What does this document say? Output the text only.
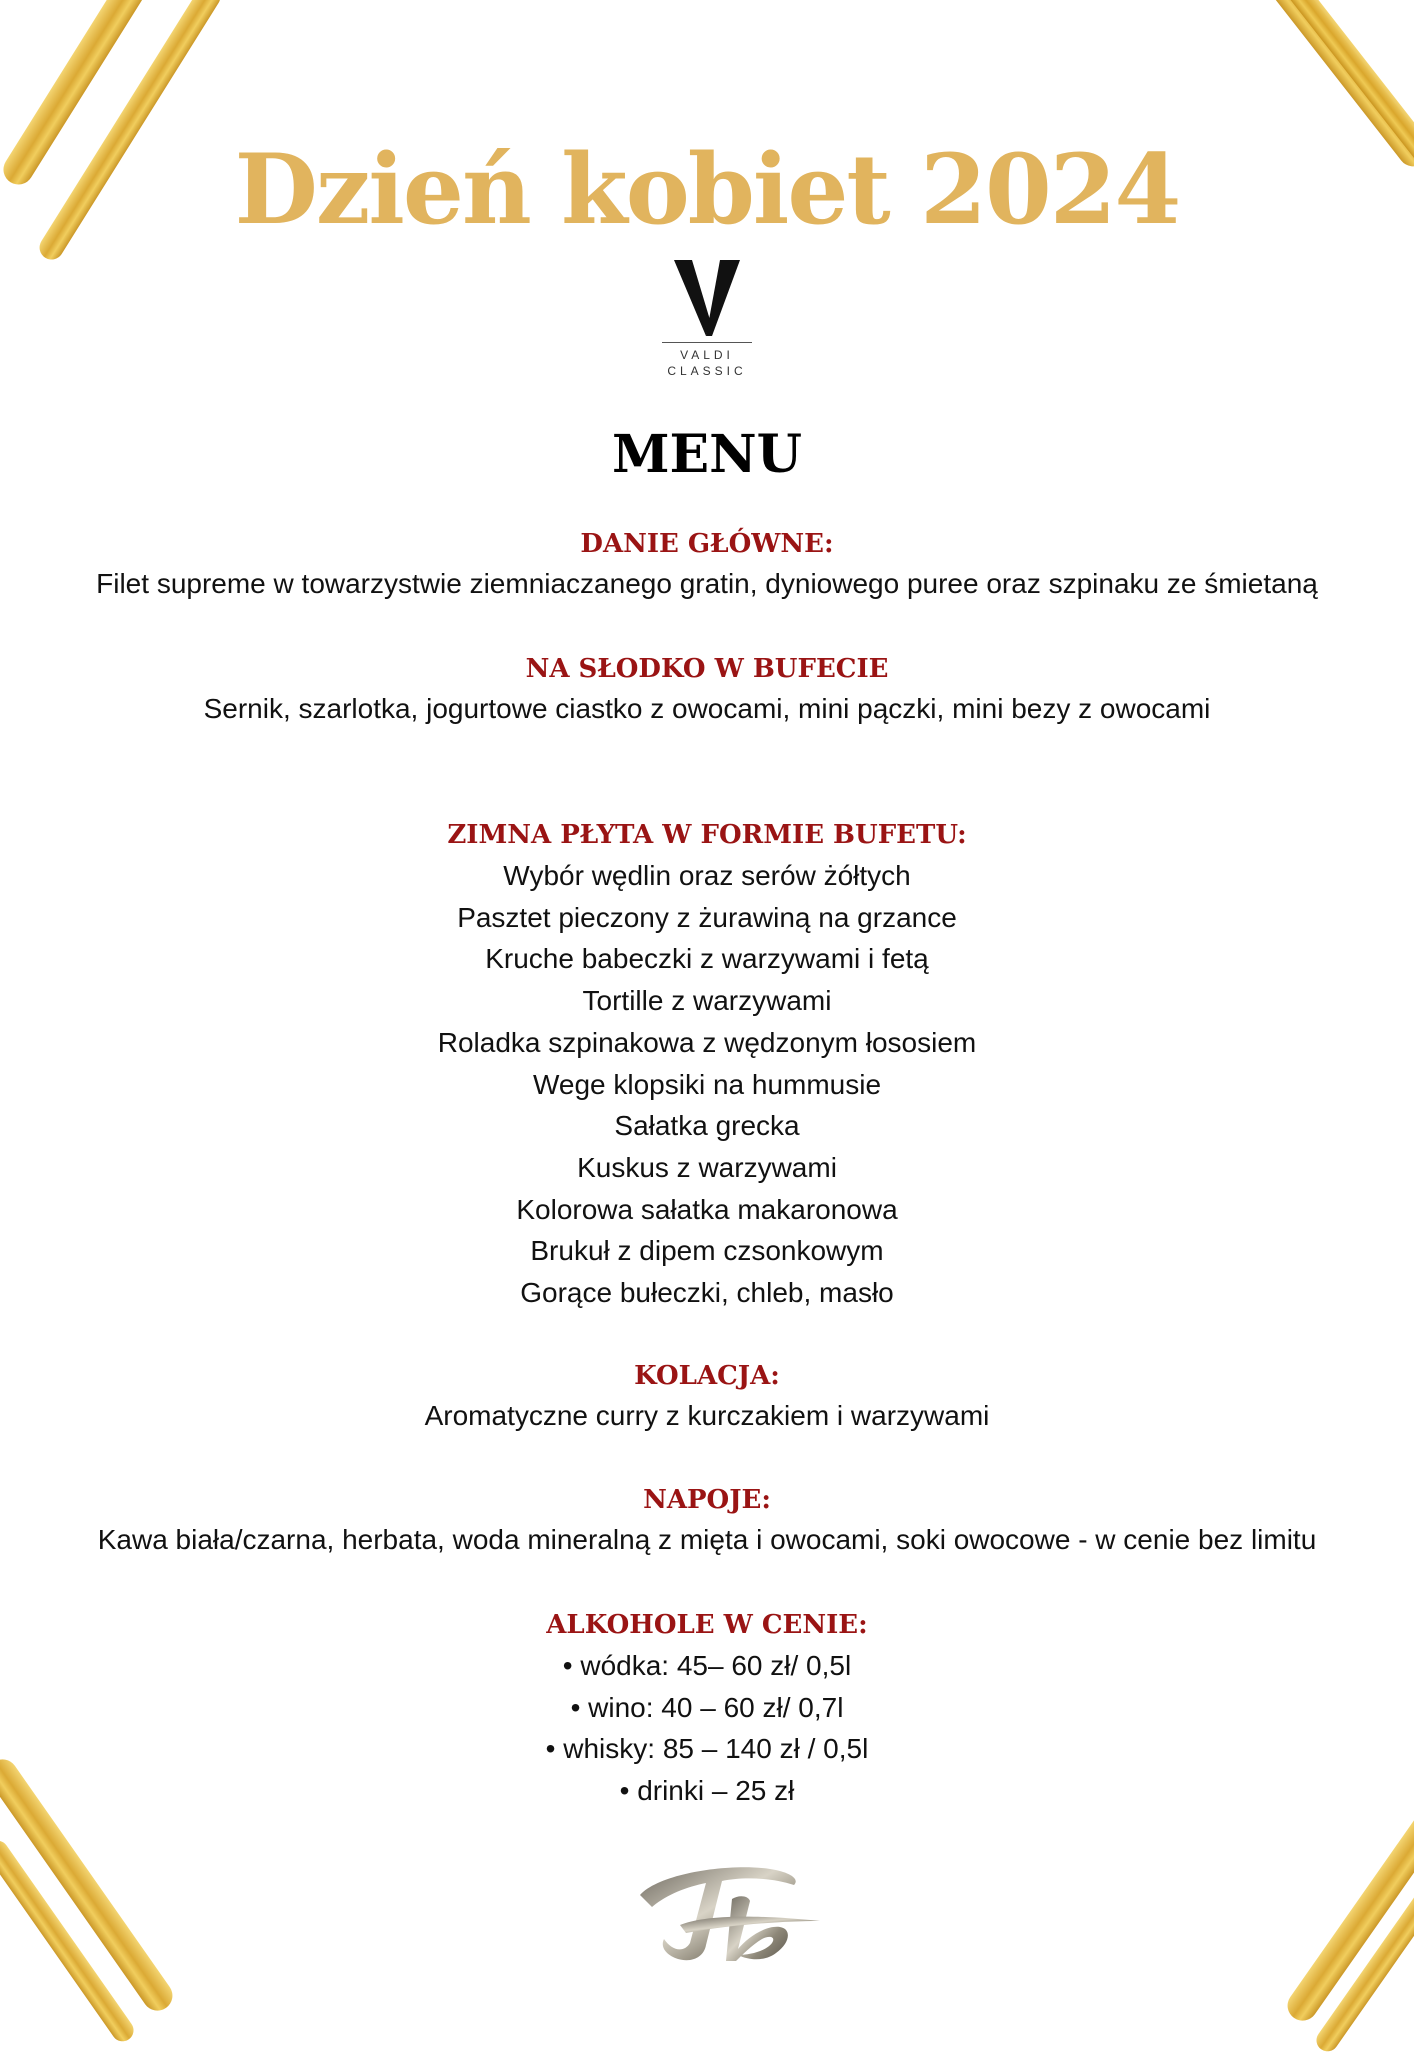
Dzień kobiet 2024
VALDI
CLASSIC
MENU
DANIE GŁÓWNE:
Filet supreme w towarzystwie ziemniaczanego gratin, dyniowego puree oraz szpinaku ze śmietaną
NA SŁODKO W BUFECIE
Sernik, szarlotka, jogurtowe ciastko z owocami, mini pączki, mini bezy z owocami
ZIMNA PŁYTA W FORMIE BUFETU:
Wybór wędlin oraz serów żółtych
Pasztet pieczony z żurawiną na grzance
Kruche babeczki z warzywami i fetą
Tortille z warzywami
Roladka szpinakowa z wędzonym łososiem
Wege klopsiki na hummusie
Sałatka grecka
Kuskus z warzywami
Kolorowa sałatka makaronowa
Brukuł z dipem czsonkowym
Gorące bułeczki, chleb, masło
KOLACJA:
Aromatyczne curry z kurczakiem i warzywami
NAPOJE:
Kawa biała/czarna, herbata, woda mineralną z mięta i owocami, soki owocowe - w cenie bez limitu
ALKOHOLE W CENIE:
• wódka: 45– 60 zł/ 0,5l
• wino: 40 – 60 zł/ 0,7l
• whisky: 85 – 140 zł / 0,5l
• drinki – 25 zł
